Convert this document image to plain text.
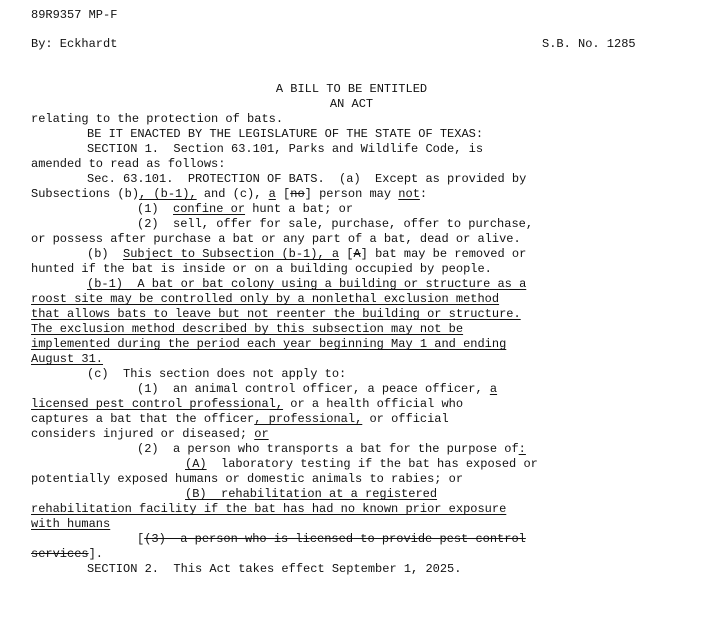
89R9357 MP-F
By: Eckhardt	S.B. No. 1285
A BILL TO BE ENTITLED
AN ACT
relating to the protection of bats.
BE IT ENACTED BY THE LEGISLATURE OF THE STATE OF TEXAS:
SECTION 1.  Section 63.101, Parks and Wildlife Code, is
amended to read as follows:
Sec. 63.101.  PROTECTION OF BATS.  (a)  Except as provided by
Subsections (b), (b-1), and (c), a [no] person may not:
(1)  confine or hunt a bat; or
(2)  sell, offer for sale, purchase, offer to purchase,
or possess after purchase a bat or any part of a bat, dead or alive.
(b)  Subject to Subsection (b-1), a [A] bat may be removed or
hunted if the bat is inside or on a building occupied by people.
(b-1)  A bat or bat colony using a building or structure as a
roost site may be controlled only by a nonlethal exclusion method
that allows bats to leave but not reenter the building or structure.
The exclusion method described by this subsection may not be
implemented during the period each year beginning May 1 and ending
August 31.
(c)  This section does not apply to:
(1)  an animal control officer, a peace officer, a
licensed pest control professional, or a health official who
captures a bat that the officer, professional, or official
considers injured or diseased; or
(2)  a person who transports a bat for the purpose of:
(A)  laboratory testing if the bat has exposed or
potentially exposed humans or domestic animals to rabies; or
(B)  rehabilitation at a registered
rehabilitation facility if the bat has had no known prior exposure
with humans
[(3)  a person who is licensed to provide pest control
services].
SECTION 2.  This Act takes effect September 1, 2025.
